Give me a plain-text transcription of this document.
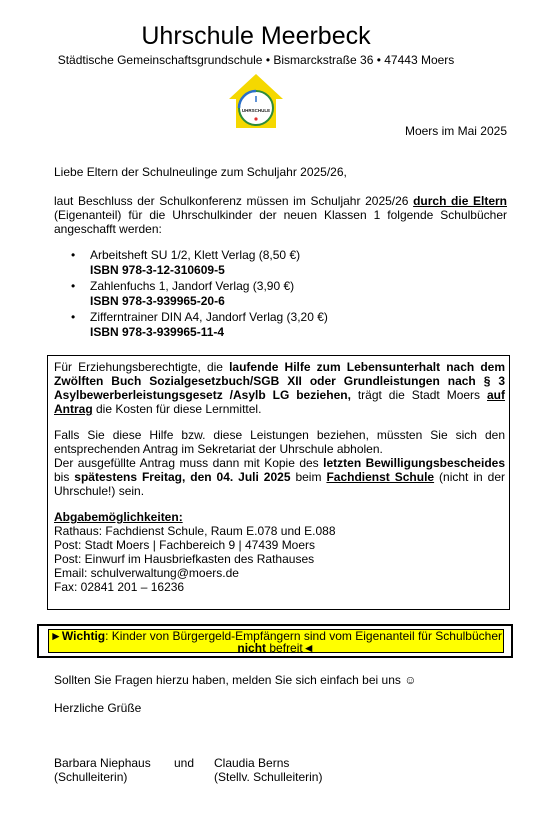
Uhrschule Meerbeck
Städtische Gemeinschaftsgrundschule • Bismarckstraße 36 • 47443 Moers
UHRSCHULE
Moers im Mai 2025
Liebe Eltern der Schulneulinge zum Schuljahr 2025/26,
laut Beschluss der Schulkonferenz müssen im Schuljahr 2025/26 durch die Eltern (Eigenanteil) für die Uhrschulkinder der neuen Klassen 1 folgende Schulbücher angeschafft werden:
• Arbeitsheft SU 1/2, Klett Verlag (8,50 €)
ISBN 978-3-12-310609-5
• Zahlenfuchs 1, Jandorf Verlag (3,90 €)
ISBN 978-3-939965-20-6
• Zifferntrainer DIN A4, Jandorf Verlag (3,20 €)
ISBN 978-3-939965-11-4

Für Erziehungsberechtigte, die laufende Hilfe zum Lebensunterhalt nach dem Zwölften Buch Sozialgesetzbuch/SGB XII oder Grundleistungen nach § 3 Asylbewerberleistungsgesetz /Asylb LG beziehen, trägt die Stadt Moers auf Antrag die Kosten für diese Lernmittel.

Falls Sie diese Hilfe bzw. diese Leistungen beziehen, müssten Sie sich den entsprechenden Antrag im Sekretariat der Uhrschule abholen.

Der ausgefüllte Antrag muss dann mit Kopie des letzten Bewilligungsbescheides bis spätestens Freitag, den 04. Juli 2025 beim Fachdienst Schule (nicht in der Uhrschule!) sein.

Abgabemöglichkeiten:

Rathaus: Fachdienst Schule, Raum E.078 und E.088

Post: Stadt Moers | Fachbereich 9 | 47439 Moers

Post: Einwurf im Hausbriefkasten des Rathauses

Email: schulverwaltung@moers.de

Fax: 02841 201 – 16236

►Wichtig: Kinder von Bürgergeld-Empfängern sind vom Eigenanteil für Schulbücher
nicht befreit◄
Sollten Sie Fragen hierzu haben, melden Sie sich einfach bei uns ☺
Herzliche Grüße
Barbara Niephaus
(Schulleiterin)
und Claudia Berns
(Stellv. Schulleiterin)
